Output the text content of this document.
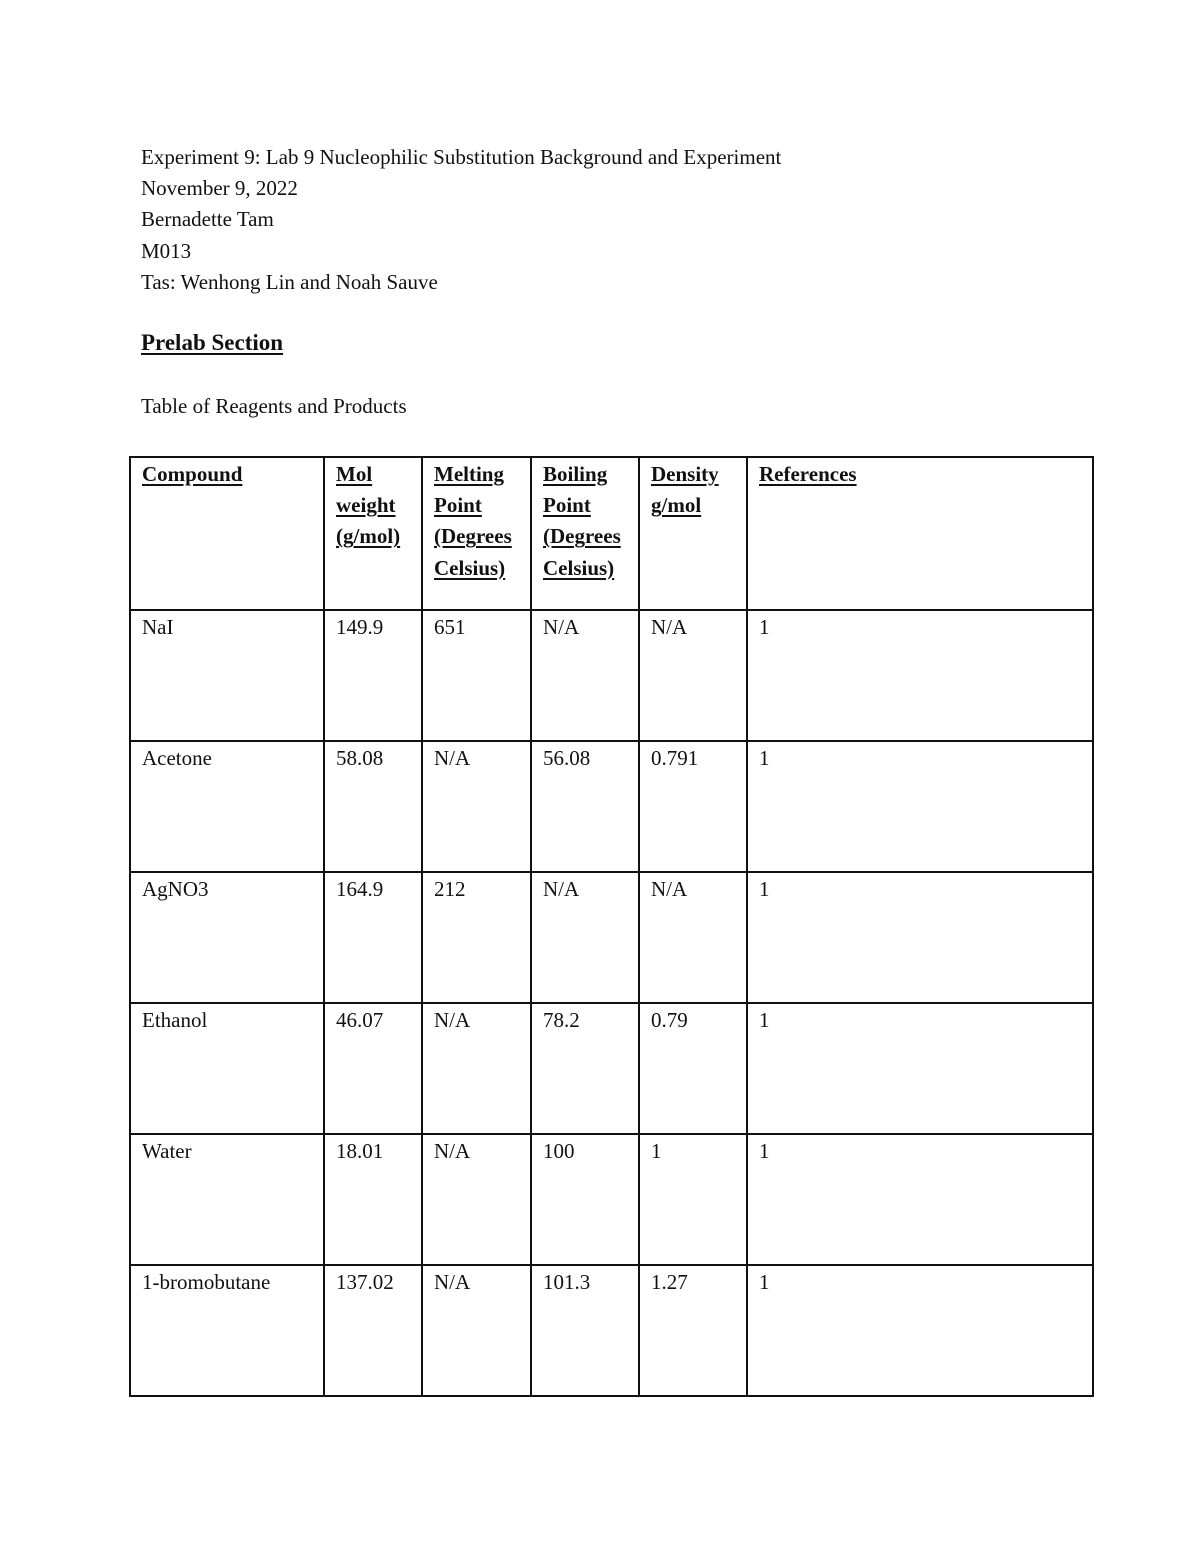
Experiment 9: Lab 9 Nucleophilic Substitution Background and Experiment
November 9, 2022
Bernadette Tam
M013
Tas: Wenhong Lin and Noah Sauve
Prelab Section
Table of Reagents and Products
Compound	Mol weight (g/mol)	Melting Point (Degrees Celsius)	Boiling Point (Degrees Celsius)	Density g/mol	References
NaI	149.9	651	N/A	N/A	1
Acetone	58.08	N/A	56.08	0.791	1
AgNO3	164.9	212	N/A	N/A	1
Ethanol	46.07	N/A	78.2	0.79	1
Water	18.01	N/A	100	1	1
1-bromobutane	137.02	N/A	101.3	1.27	1
